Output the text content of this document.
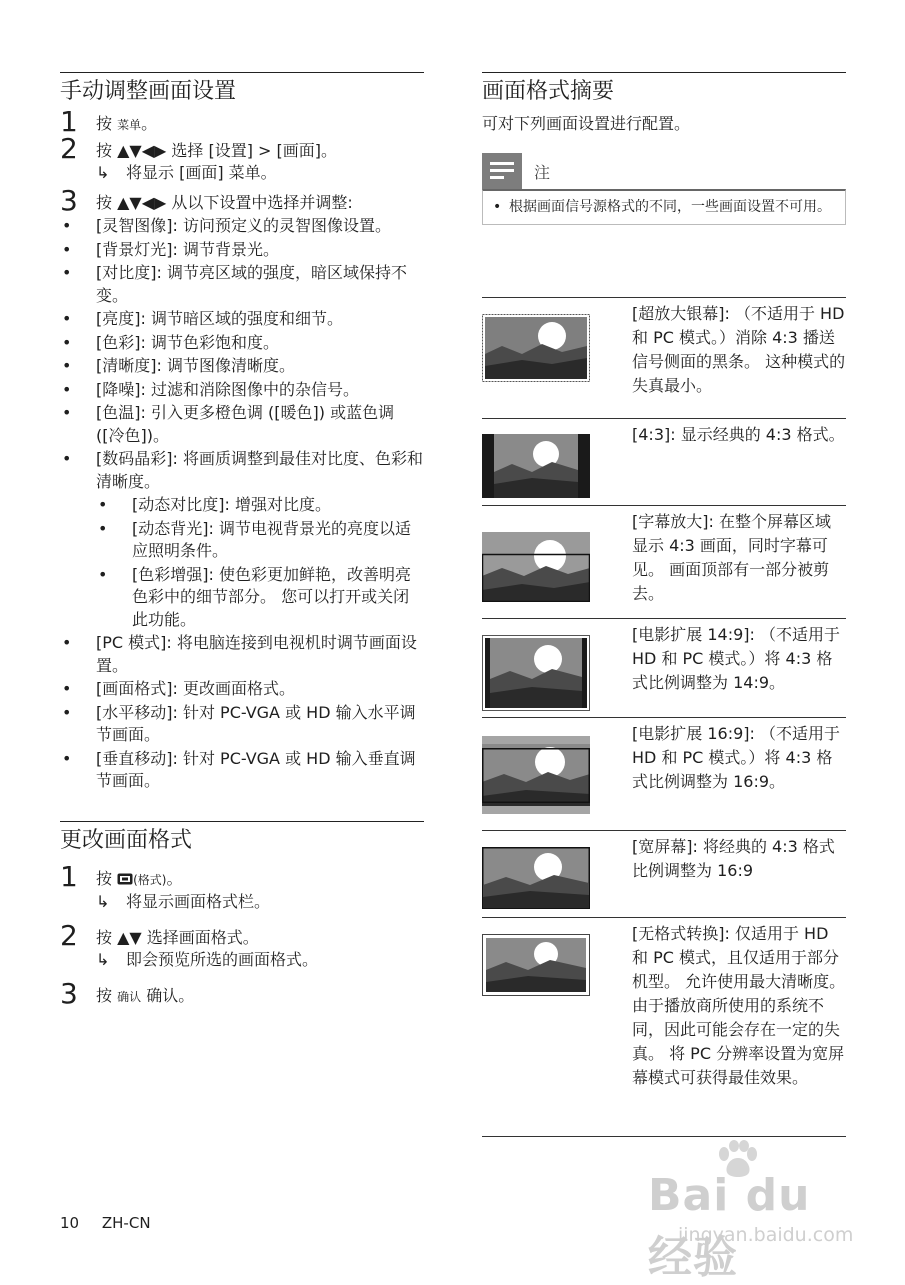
手动调整画面设置
1 按 菜单。
2 按 ▲▼◀▶ 选择 [设置] > [画面]。
↳ 将显示 [画面] 菜单。
3 按 ▲▼◀▶ 从以下设置中选择并调整:
• [灵智图像]: 访问预定义的灵智图像设置。
• [背景灯光]: 调节背景光。
• [对比度]: 调节亮区域的强度，暗区域保持不变。
• [亮度]: 调节暗区域的强度和细节。
• [色彩]: 调节色彩饱和度。
• [清晰度]: 调节图像清晰度。
• [降噪]: 过滤和消除图像中的杂信号。
• [色温]: 引入更多橙色调 ([暖色]) 或蓝色调 ([冷色])。
• [数码晶彩]: 将画质调整到最佳对比度、色彩和清晰度。
• [动态对比度]: 增强对比度。
• [动态背光]: 调节电视背景光的亮度以适应照明条件。
• [色彩增强]: 使色彩更加鲜艳，改善明亮色彩中的细节部分。 您可以打开或关闭此功能。
• [PC 模式]: 将电脑连接到电视机时调节画面设置。
• [画面格式]: 更改画面格式。
• [水平移动]: 针对 PC-VGA 或 HD 输入水平调节画面。
• [垂直移动]: 针对 PC-VGA 或 HD 输入垂直调节画面。
更改画面格式
1 按 (格式)。
↳ 将显示画面格式栏。
2 按 ▲▼ 选择画面格式。
↳ 即会预览所选的画面格式。
3 按 确认 确认。
画面格式摘要
可对下列画面设置进行配置。
注
• 根据画面信号源格式的不同，一些画面设置不可用。
[超放大银幕]: （不适用于 HD 和 PC 模式。）消除 4:3 播送信号侧面的黑条。 这种模式的失真最小。
[4:3]: 显示经典的 4:3 格式。
[字幕放大]: 在整个屏幕区域显示 4:3 画面，同时字幕可见。 画面顶部有一部分被剪去。
[电影扩展 14:9]: （不适用于 HD 和 PC 模式。）将 4:3 格式比例调整为 14:9。
[电影扩展 16:9]: （不适用于 HD 和 PC 模式。）将 4:3 格式比例调整为 16:9。
[宽屏幕]: 将经典的 4:3 格式比例调整为 16:9
[无格式转换]: 仅适用于 HD 和 PC 模式，且仅适用于部分机型。 允许使用最大清晰度。 由于播放商所使用的系统不同，因此可能会存在一定的失真。 将 PC 分辨率设置为宽屏幕模式可获得最佳效果。
10 ZH-CN
Bai du 经验
jingyan.baidu.com
